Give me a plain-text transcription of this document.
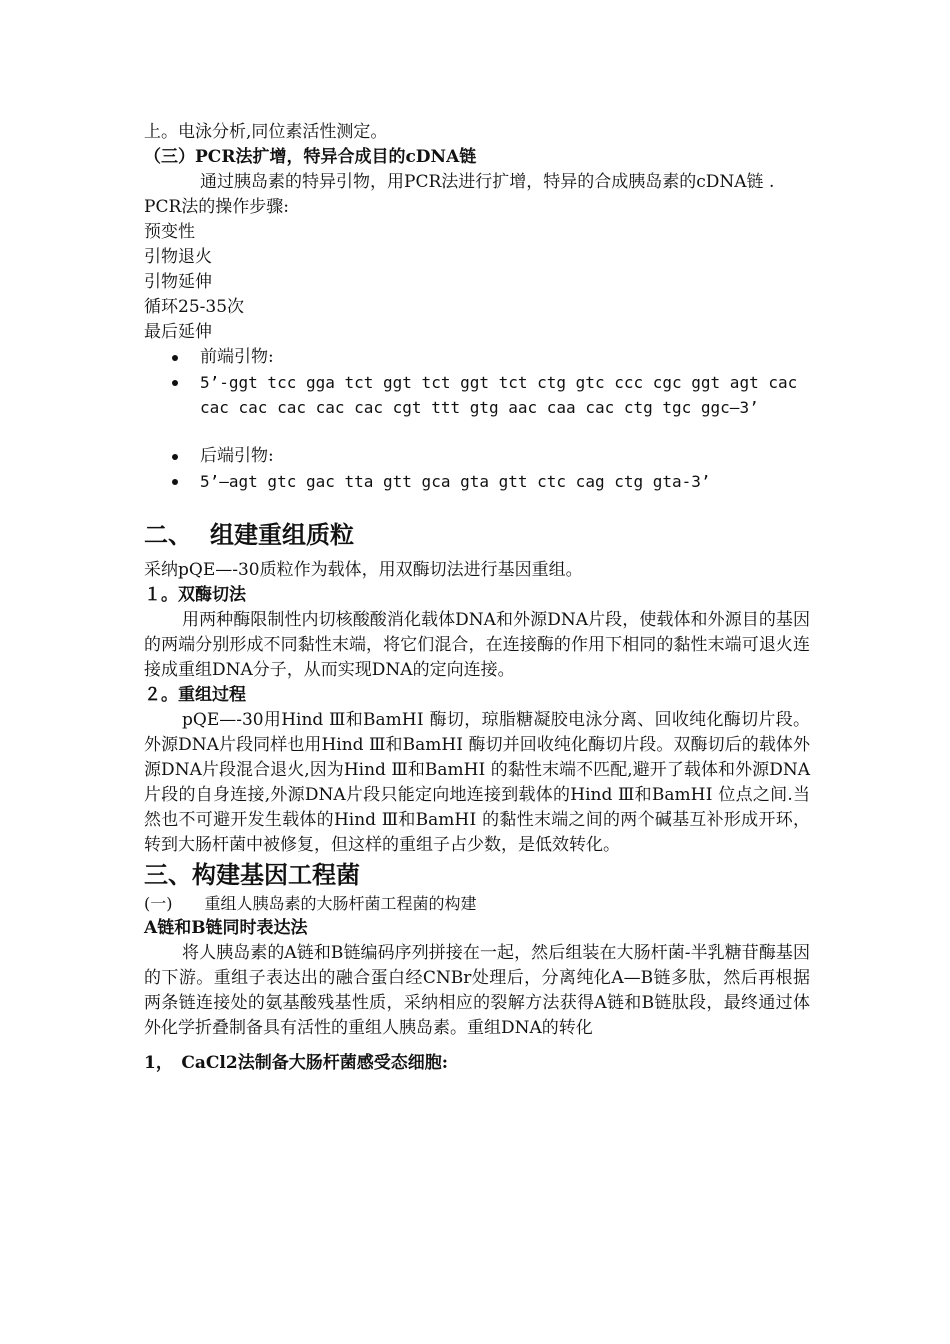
上。电泳分析,同位素活性测定。
（三）PCR法扩增，特异合成目的cDNA链

通过胰岛素的特异引物，用PCR法进行扩增，特异的合成胰岛素的cDNA链 .

PCR法的操作步骤:
预变性
引物退火
引物延伸
循环25-35次
最后延伸
前端引物:
5’-ggt tcc gga tct ggt tct ggt tct ctg gtc ccc cgc ggt agt cac
cac cac cac cac cac cgt ttt gtg aac caa cac ctg tgc ggc—3’
后端引物:
5’—agt gtc gac tta gtt gca gta gtt ctc cag ctg gta-3’
二、 组建重组质粒
采纳pQE—-30质粒作为载体，用双酶切法进行基因重组。
１。双酶切法

用两种酶限制性内切核酸酸消化载体DNA和外源DNA片段，使载体和外源目的基因的两端分别形成不同黏性末端，将它们混合，在连接酶的作用下相同的黏性末端可退火连接成重组DNA分子，从而实现DNA的定向连接。

２。重组过程

pQE—-30用Hind Ⅲ和BamHⅠ 酶切，琼脂糖凝胶电泳分离、回收纯化酶切片段。外源DNA片段同样也用Hind Ⅲ和BamHⅠ 酶切并回收纯化酶切片段。双酶切后的载体外源DNA片段混合退火,因为Hind Ⅲ和BamHⅠ 的黏性末端不匹配,避开了载体和外源DNA片段的自身连接,外源DNA片段只能定向地连接到载体的Hind Ⅲ和BamHⅠ 位点之间.当然也不可避开发生载体的Hind Ⅲ和BamHⅠ 的黏性末端之间的两个碱基互补形成开环，转到大肠杆菌中被修复，但这样的重组子占少数，是低效转化。

三、构建基因工程菌
(一)　　重组人胰岛素的大肠杆菌工程菌的构建
A链和B链同时表达法

将人胰岛素的A链和B链编码序列拼接在一起，然后组装在大肠杆菌-半乳糖苷酶基因的下游。重组子表达出的融合蛋白经CNBr处理后，分离纯化A—B链多肽，然后再根据两条链连接处的氨基酸残基性质，采纳相应的裂解方法获得A链和B链肽段，最终通过体外化学折叠制备具有活性的重组人胰岛素。重组DNA的转化

1，　CaCl2法制备大肠杆菌感受态细胞:
